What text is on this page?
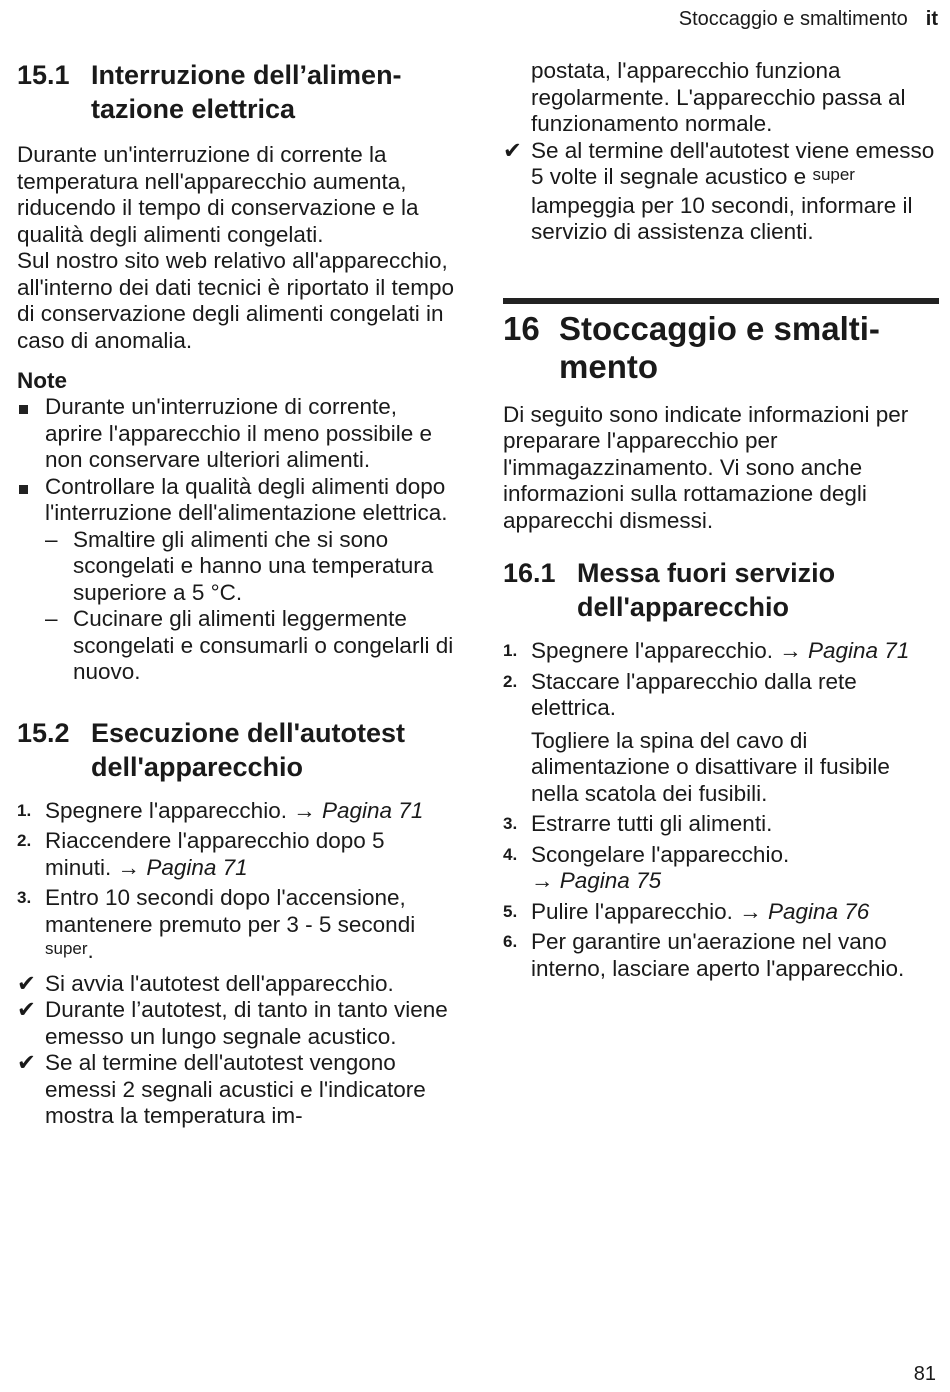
Stoccaggio e smaltimento it
15.1 Interruzione dell’alimen-
tazione elettrica

Durante un'interruzione di corrente la temperatura nell'apparecchio aumenta, riducendo il tempo di conservazione e la qualità degli alimenti congelati.

Sul nostro sito web relativo all'apparecchio, all'interno dei dati tecnici è riportato il tempo di conservazione degli alimenti congelati in caso di anomalia.

Note
Durante un'interruzione di corrente, aprire l'apparecchio il meno possibile e non conservare ulteriori alimenti.
Controllare la qualità degli alimenti dopo l'interruzione dell'alimentazione elettrica.
– Smaltire gli alimenti che si sono scongelati e hanno una temperatura superiore a 5 °C.
– Cucinare gli alimenti leggermente scongelati e consumarli o congelarli di nuovo.
15.2 Esecuzione dell'autotest dell'apparecchio
1. Spegnere l'apparecchio. → Pagina 71
2. Riaccendere l'apparecchio dopo 5 minuti. → Pagina 71
3. Entro 10 secondi dopo l'accensione, mantenere premuto per 3 - 5 secondi super.
✔ Si avvia l'autotest dell'apparecchio.
✔ Durante l’autotest, di tanto in tanto viene emesso un lungo segnale acustico.
✔ Se al termine dell'autotest vengono emessi 2 segnali acustici e l'indicatore mostra la temperatura im-

postata, l'apparecchio funziona regolarmente. L'apparecchio passa al funzionamento normale.

✔ Se al termine dell'autotest viene emesso 5 volte il segnale acustico e super lampeggia per 10 secondi, informare il servizio di assistenza clienti.
16 Stoccaggio e smalti-
mento

Di seguito sono indicate informazioni per preparare l'apparecchio per l'immagazzinamento. Vi sono anche informazioni sulla rottamazione degli apparecchi dismessi.

16.1 Messa fuori servizio dell'apparecchio
1. Spegnere l'apparecchio. → Pagina 71
2. Staccare l'apparecchio dalla rete elettrica.

Togliere la spina del cavo di alimentazione o disattivare il fusibile nella scatola dei fusibili.

3. Estrarre tutti gli alimenti.
4. Scongelare l'apparecchio.
→ Pagina 75
5. Pulire l'apparecchio. → Pagina 76
6. Per garantire un'aerazione nel vano interno, lasciare aperto l'apparecchio.
81
